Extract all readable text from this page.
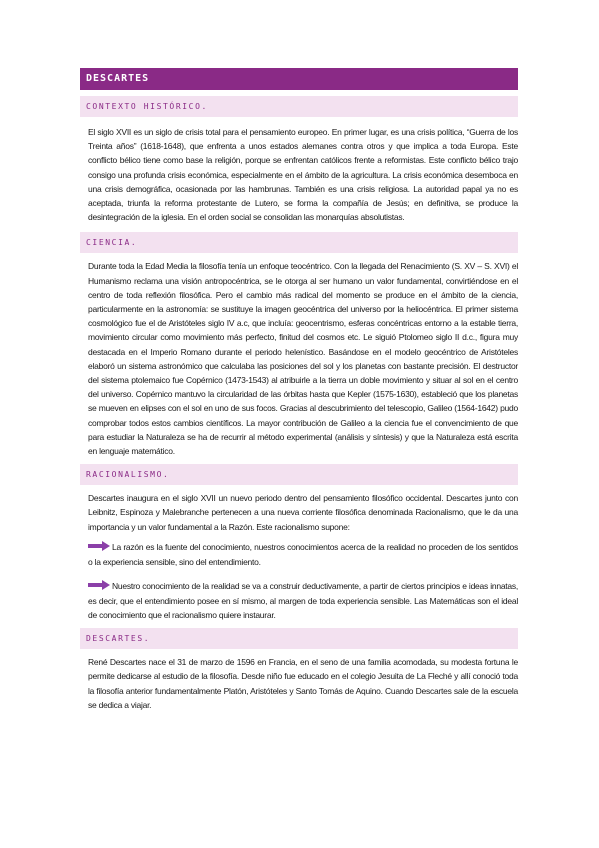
DESCARTES
CONTEXTO HISTÓRICO.

El siglo XVII es un siglo de crisis total para el pensamiento europeo. En primer lugar, es una crisis política, “Guerra de los Treinta años” (1618-1648), que enfrenta a unos estados alemanes contra otros y que implica a toda Europa. Este conflicto bélico tiene como base la religión, porque se enfrentan católicos frente a reformistas. Este conflicto bélico trajo consigo una profunda crisis económica, especialmente en el ámbito de la agricultura. La crisis económica desemboca en una crisis demográfica, ocasionada por las hambrunas. También es una crisis religiosa. La autoridad papal ya no es aceptada, triunfa la reforma protestante de Lutero, se forma la compañía de Jesús; en definitiva, se produce la desintegración de la iglesia. En el orden social se consolidan las monarquías absolutistas.

CIENCIA.

Durante toda la Edad Media la filosofía tenía un enfoque teocéntrico. Con la llegada del Renacimiento (S. XV – S. XVI) el Humanismo reclama una visión antropocéntrica, se le otorga al ser humano un valor fundamental, convirtiéndose en el centro de toda reflexión filosófica. Pero el cambio más radical del momento se produce en el ámbito de la ciencia, particularmente en la astronomía: se sustituye la imagen geocéntrica del universo por la heliocéntrica. El primer sistema cosmológico fue el de Aristóteles siglo IV a.c, que incluía: geocentrismo, esferas concéntricas entorno a la estable tierra, movimiento circular como movimiento más perfecto, finitud del cosmos etc. Le siguió Ptolomeo siglo II d.c., figura muy destacada en el Imperio Romano durante el periodo helenístico. Basándose en el modelo geocéntrico de Aristóteles elaboró un sistema astronómico que calculaba las posiciones del sol y los planetas con bastante precisión. El destructor del sistema ptolemaico fue Copérnico (1473-1543) al atribuirle a la tierra un doble movimiento y situar al sol en el centro del universo. Copérnico mantuvo la circularidad de las órbitas hasta que Kepler (1575-1630), estableció que los planetas se mueven en elipses con el sol en uno de sus focos. Gracias al descubrimiento del telescopio, Galileo (1564-1642) pudo comprobar todos estos cambios científicos. La mayor contribución de Galileo a la ciencia fue el convencimiento de que para estudiar la Naturaleza se ha de recurrir al método experimental (análisis y síntesis) y que la Naturaleza está escrita en lenguaje matemático.

RACIONALISMO.

Descartes inaugura en el siglo XVII un nuevo periodo dentro del pensamiento filosófico occidental. Descartes junto con Leibnitz, Espinoza y Malebranche pertenecen a una nueva corriente filosófica denominada Racionalismo, que le da una importancia y un valor fundamental a la Razón. Este racionalismo supone:

La razón es la fuente del conocimiento, nuestros conocimientos acerca de la realidad no proceden de los sentidos o la experiencia sensible, sino del entendimiento.

Nuestro conocimiento de la realidad se va a construir deductivamente, a partir de ciertos principios e ideas innatas, es decir, que el entendimiento posee en sí mismo, al margen de toda experiencia sensible. Las Matemáticas son el ideal de conocimiento que el racionalismo quiere instaurar.

DESCARTES.

René Descartes nace el 31 de marzo de 1596 en Francia, en el seno de una familia acomodada, su modesta fortuna le permite dedicarse al estudio de la filosofía. Desde niño fue educado en el colegio Jesuita de La Fleché y allí conoció toda la filosofía anterior fundamentalmente Platón, Aristóteles y Santo Tomás de Aquino. Cuando Descartes sale de la escuela se dedica a viajar.
